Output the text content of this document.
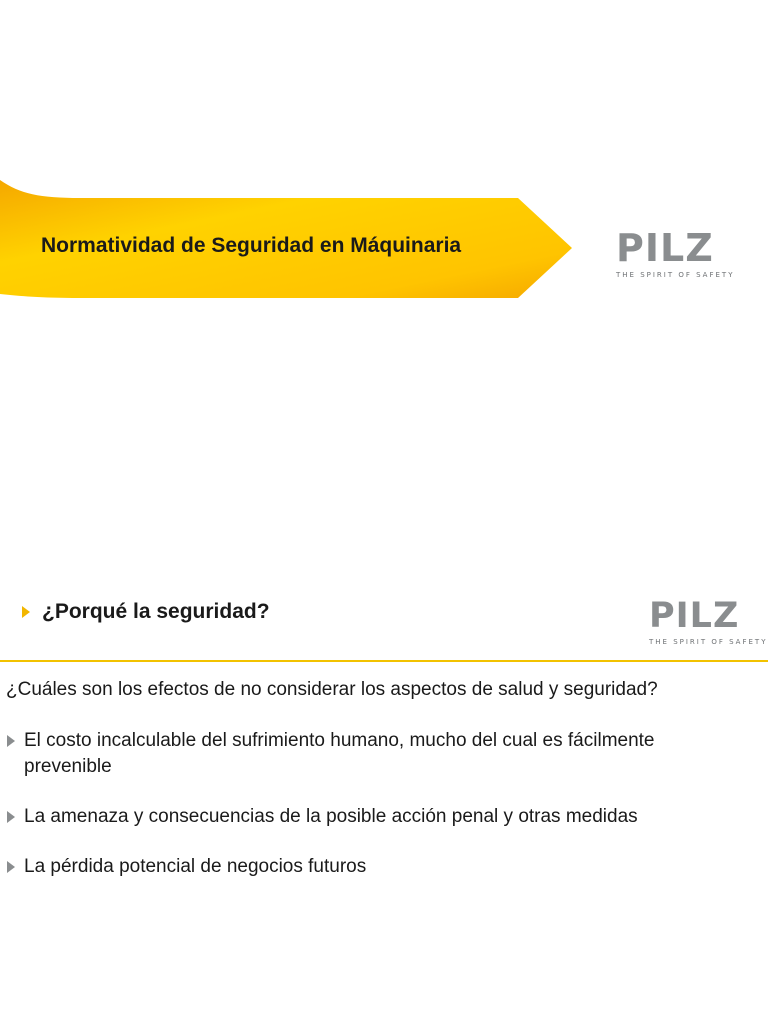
Normatividad de Seguridad en Máquinaria	PILZ
THE SPIRIT OF SAFETY
¿Porqué la seguridad?	PILZ
THE SPIRIT OF SAFETY
¿Cuáles son los efectos de no considerar los aspectos de salud y seguridad?
El costo incalculable del sufrimiento humano, mucho del cual es fácilmente prevenible
La amenaza y consecuencias de la posible acción penal y otras medidas
La pérdida potencial de negocios futuros
